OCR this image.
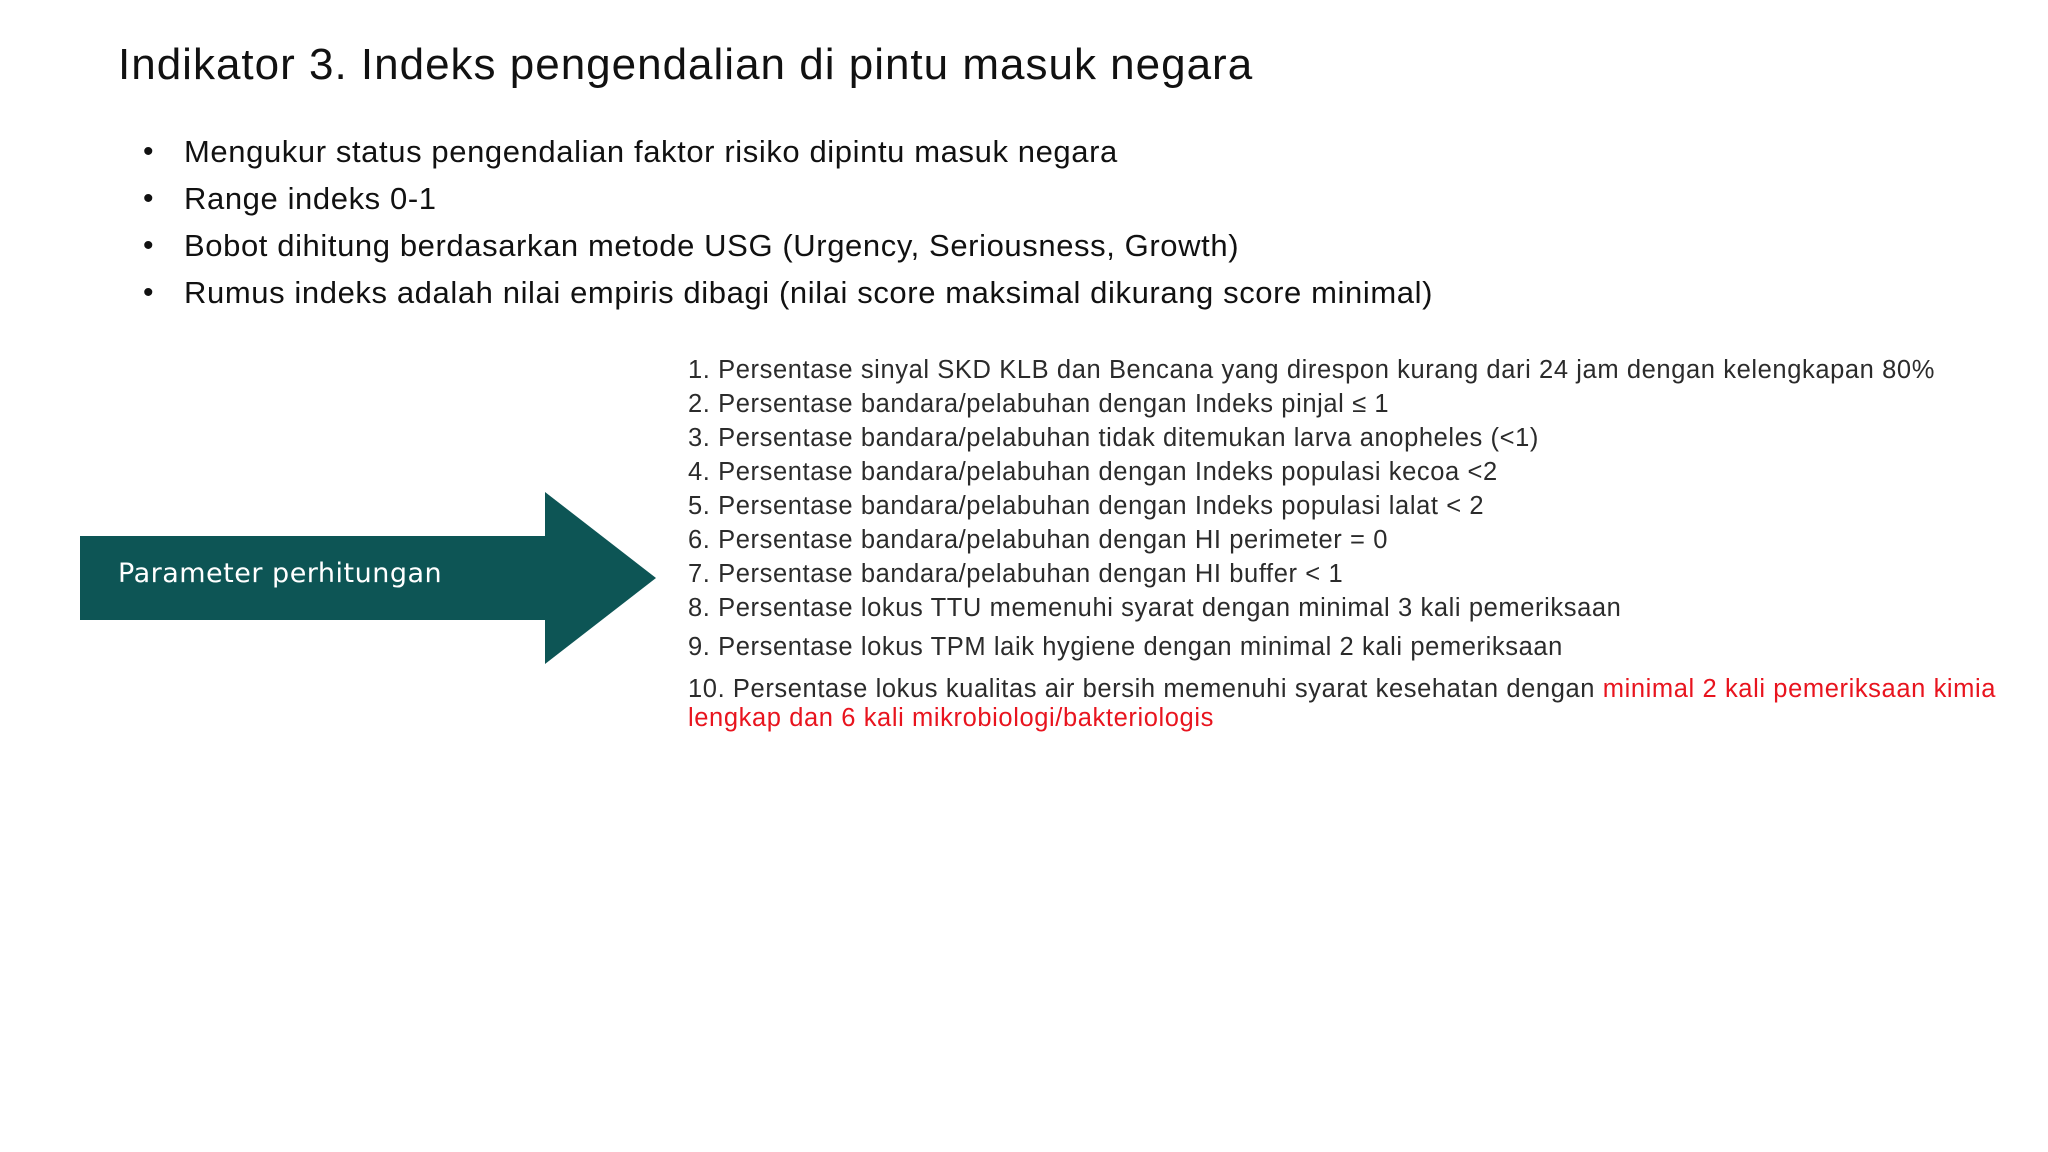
Indikator 3. Indeks pengendalian di pintu masuk negara
• Mengukur status pengendalian faktor risiko dipintu masuk negara
• Range indeks 0-1
• Bobot dihitung berdasarkan metode USG (Urgency, Seriousness, Growth)
• Rumus indeks adalah nilai empiris dibagi (nilai score maksimal dikurang score minimal)
Parameter perhitungan

1. Persentase sinyal SKD KLB dan Bencana yang direspon kurang dari 24 jam dengan kelengkapan 80%

2. Persentase bandara/pelabuhan dengan Indeks pinjal ≤ 1

3. Persentase bandara/pelabuhan tidak ditemukan larva anopheles (<1)

4. Persentase bandara/pelabuhan dengan Indeks populasi kecoa <2

5. Persentase bandara/pelabuhan dengan Indeks populasi lalat < 2

6. Persentase bandara/pelabuhan dengan HI perimeter = 0

7. Persentase bandara/pelabuhan dengan HI buffer < 1

8. Persentase lokus TTU memenuhi syarat dengan minimal 3 kali pemeriksaan

9. Persentase lokus TPM laik hygiene dengan minimal 2 kali pemeriksaan

10. Persentase lokus kualitas air bersih memenuhi syarat kesehatan dengan minimal 2 kali pemeriksaan kimia lengkap dan 6 kali mikrobiologi/bakteriologis
